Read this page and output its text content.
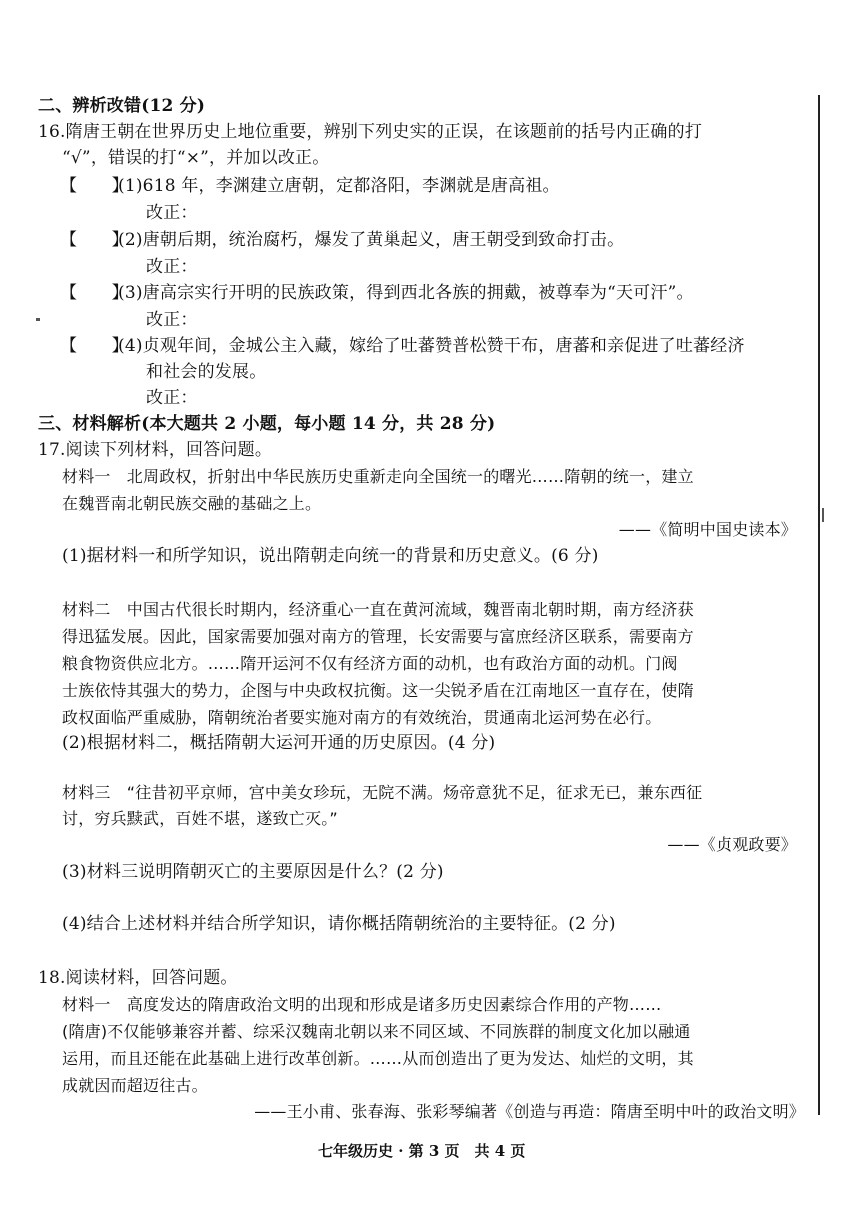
二、辨析改错(12 分)
16.隋唐王朝在世界历史上地位重要，辨别下列史实的正误，在该题前的括号内正确的打
“√”，错误的打“×”，并加以改正。
【　　】
(1)618 年，李渊建立唐朝，定都洛阳，李渊就是唐高祖。
改正：
【　　】
(2)唐朝后期，统治腐朽，爆发了黄巢起义，唐王朝受到致命打击。
改正：
【　　】
(3)唐高宗实行开明的民族政策，得到西北各族的拥戴，被尊奉为“天可汗”。
改正：
【　　】
(4)贞观年间，金城公主入藏，嫁给了吐蕃赞普松赞干布，唐蕃和亲促进了吐蕃经济
和社会的发展。
改正：
三、材料解析(本大题共 2 小题，每小题 14 分，共 28 分)
17.阅读下列材料，回答问题。
材料一　北周政权，折射出中华民族历史重新走向全国统一的曙光……隋朝的统一，建立
在魏晋南北朝民族交融的基础之上。
——《简明中国史读本》
(1)据材料一和所学知识，说出隋朝走向统一的背景和历史意义。(6 分)
材料二　中国古代很长时期内，经济重心一直在黄河流域，魏晋南北朝时期，南方经济获
得迅猛发展。因此，国家需要加强对南方的管理，长安需要与富庶经济区联系，需要南方
粮食物资供应北方。……隋开运河不仅有经济方面的动机，也有政治方面的动机。门阀
士族依恃其强大的势力，企图与中央政权抗衡。这一尖锐矛盾在江南地区一直存在，使隋
政权面临严重威胁，隋朝统治者要实施对南方的有效统治，贯通南北运河势在必行。
(2)根据材料二，概括隋朝大运河开通的历史原因。(4 分)
材料三　“往昔初平京师，宫中美女珍玩，无院不满。炀帝意犹不足，征求无已，兼东西征
讨，穷兵黩武，百姓不堪，遂致亡灭。”
——《贞观政要》
(3)材料三说明隋朝灭亡的主要原因是什么？(2 分)
(4)结合上述材料并结合所学知识，请你概括隋朝统治的主要特征。(2 分)
18.阅读材料，回答问题。
材料一　高度发达的隋唐政治文明的出现和形成是诸多历史因素综合作用的产物……
(隋唐)不仅能够兼容并蓄、综采汉魏南北朝以来不同区域、不同族群的制度文化加以融通
运用，而且还能在此基础上进行改革创新。……从而创造出了更为发达、灿烂的文明，其
成就因而超迈往古。
——王小甫、张春海、张彩琴编著《创造与再造：隋唐至明中叶的政治文明》
七年级历史 · 第 3 页　共 4 页
